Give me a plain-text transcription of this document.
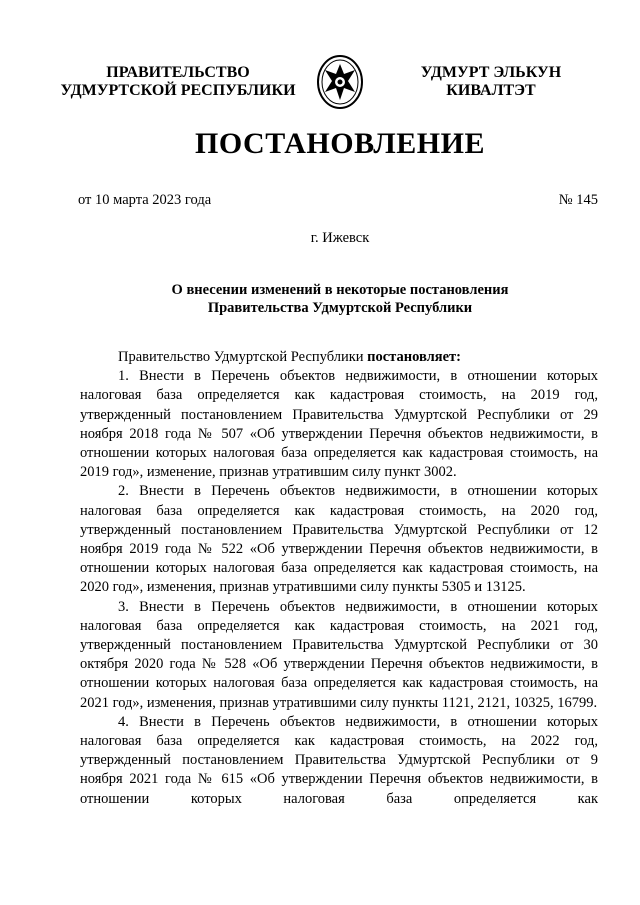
ПРАВИТЕЛЬСТВО
УДМУРТСКОЙ РЕСПУБЛИКИ
УДМУРТ ЭЛЬКУН
КИВАЛТЭТ
ПОСТАНОВЛЕНИЕ
от 10 марта 2023 года	№ 145
г. Ижевск
О внесении изменений в некоторые постановления
Правительства Удмуртской Республики

Правительство Удмуртской Республики постановляет:

1. Внести в Перечень объектов недвижимости, в отношении которых налоговая база определяется как кадастровая стоимость, на 2019 год, утвержденный постановлением Правительства Удмуртской Республики от 29 ноября 2018 года № 507 «Об утверждении Перечня объектов недвижимости, в отношении которых налоговая база определяется как кадастровая стоимость, на 2019 год», изменение, признав утратившим силу пункт 3002.

2. Внести в Перечень объектов недвижимости, в отношении которых налоговая база определяется как кадастровая стоимость, на 2020 год, утвержденный постановлением Правительства Удмуртской Республики от 12 ноября 2019 года № 522 «Об утверждении Перечня объектов недвижимости, в отношении которых налоговая база определяется как кадастровая стоимость, на 2020 год», изменения, признав утратившими силу пункты 5305 и 13125.

3. Внести в Перечень объектов недвижимости, в отношении которых налоговая база определяется как кадастровая стоимость, на 2021 год, утвержденный постановлением Правительства Удмуртской Республики от 30 октября 2020 года № 528 «Об утверждении Перечня объектов недвижимости, в отношении которых налоговая база определяется как кадастровая стоимость, на 2021 год», изменения, признав утратившими силу пункты 1121, 2121, 10325, 16799.

4. Внести в Перечень объектов недвижимости, в отношении которых налоговая база определяется как кадастровая стоимость, на 2022 год, утвержденный постановлением Правительства Удмуртской Республики от 9 ноября 2021 года № 615 «Об утверждении Перечня объектов недвижимости, в отношении которых налоговая база определяется как
